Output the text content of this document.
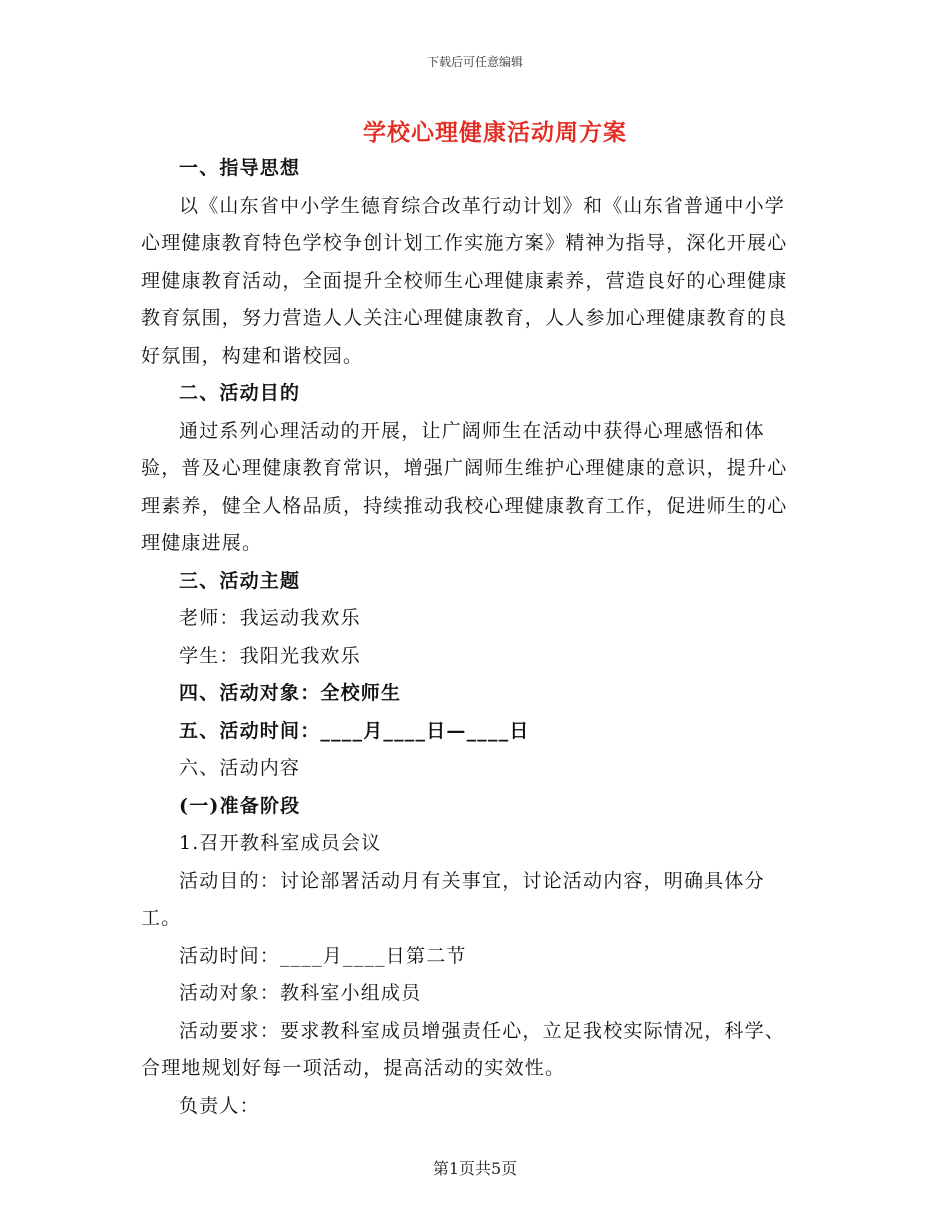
下载后可任意编辑
学校心理健康活动周方案

一、指导思想

以《山东省中小学生德育综合改革行动计划》和《山东省普通中小学心理健康教育特色学校争创计划工作实施方案》精神为指导，深化开展心理健康教育活动，全面提升全校师生心理健康素养，营造良好的心理健康教育氛围，努力营造人人关注心理健康教育，人人参加心理健康教育的良好氛围，构建和谐校园。

二、活动目的

通过系列心理活动的开展，让广阔师生在活动中获得心理感悟和体验，普及心理健康教育常识，增强广阔师生维护心理健康的意识，提升心理素养，健全人格品质，持续推动我校心理健康教育工作，促进师生的心理健康进展。

三、活动主题

老师：我运动我欢乐

学生：我阳光我欢乐

四、活动对象：全校师生

五、活动时间：____月____日—____日

六、活动内容

(一)准备阶段

1.召开教科室成员会议

活动目的：讨论部署活动月有关事宜，讨论活动内容，明确具体分工。

活动时间：____月____日第二节

活动对象：教科室小组成员

活动要求：要求教科室成员增强责任心，立足我校实际情况，科学、合理地规划好每一项活动，提高活动的实效性。

负责人：

第1页共5页
